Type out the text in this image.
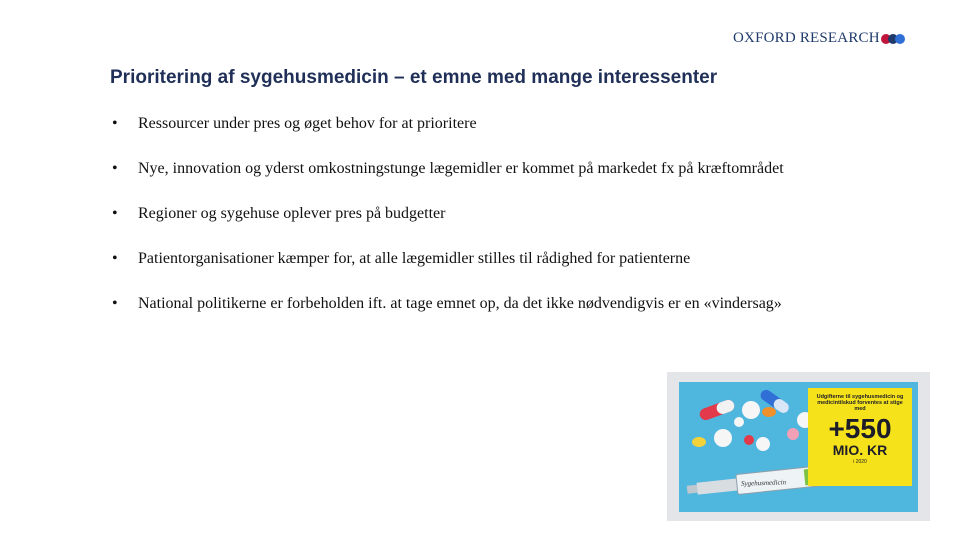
OXFORD RESEARCH
Prioritering af sygehusmedicin – et emne med mange interessenter
•	Ressourcer under pres og øget behov for at prioritere
•	Nye, innovation og yderst omkostningstunge lægemidler er kommet på markedet fx på kræftområdet
•	Regioner og sygehuse oplever pres på budgetter
•	Patientorganisationer kæmper for, at alle lægemidler stilles til rådighed for patienterne
•	National politikerne er forbeholden ift. at tage emnet op, da det ikke nødvendigvis er en «vindersag»
Sygehusmedicin
Udgifterne til sygehusmedicin og medicintilskud forventes at stige med
+550
MIO. KR
i 2020
